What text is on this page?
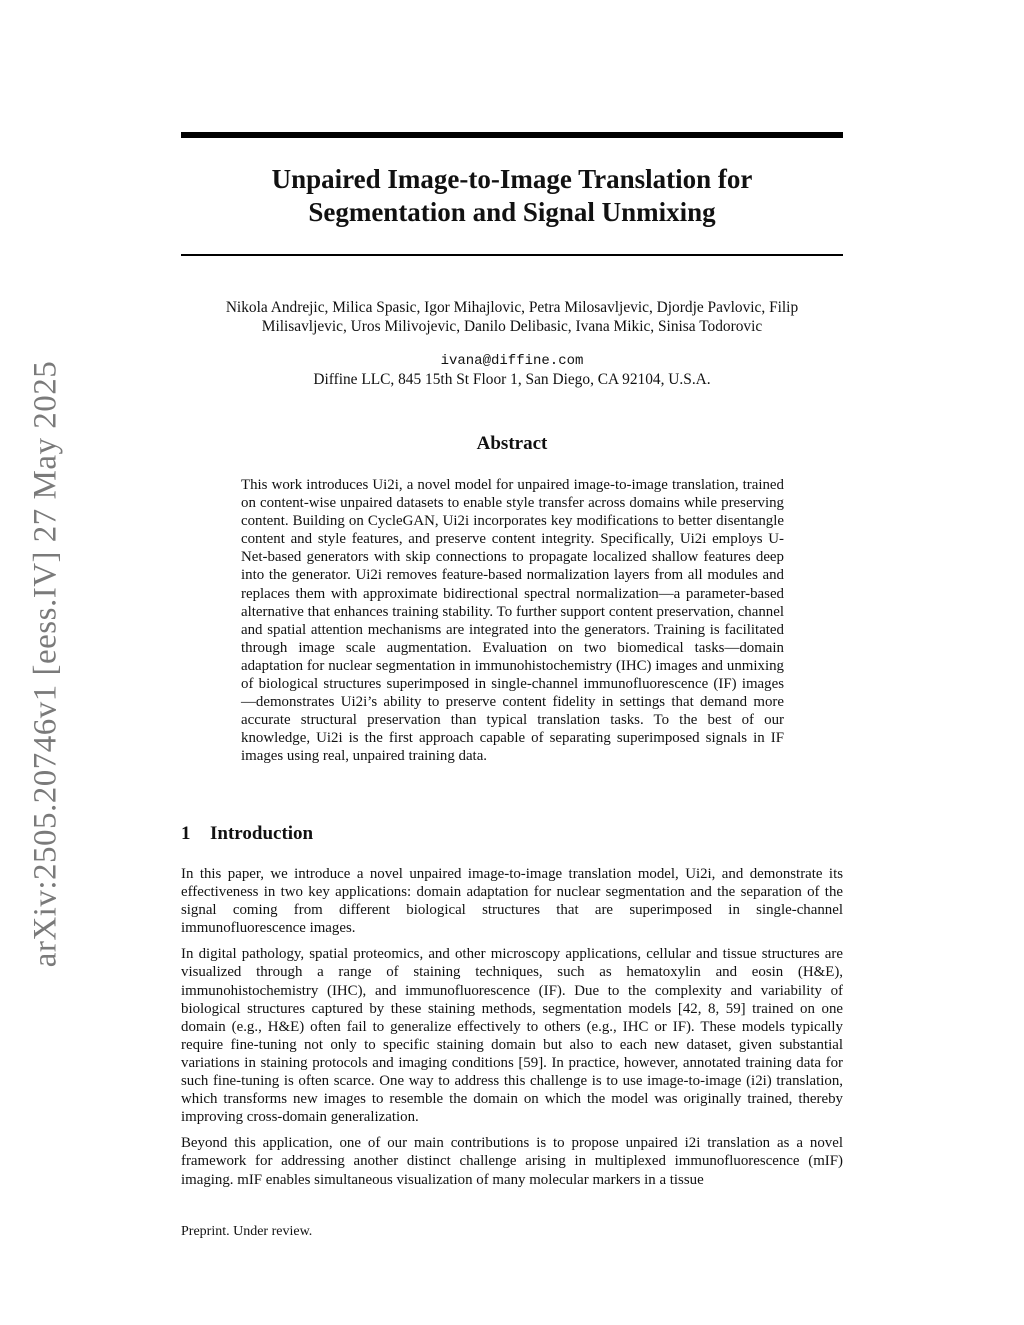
arXiv:2505.20746v1 [eess.IV] 27 May 2025
Unpaired Image-to-Image Translation for
Segmentation and Signal Unmixing
Nikola Andrejic, Milica Spasic, Igor Mihajlovic, Petra Milosavljevic, Djordje Pavlovic, Filip
Milisavljevic, Uros Milivojevic, Danilo Delibasic, Ivana Mikic, Sinisa Todorovic
ivana@diffine.com
Diffine LLC, 845 15th St Floor 1, San Diego, CA 92104, U.S.A.
Abstract
This work introduces Ui2i, a novel model for unpaired image-to-image translation, trained on content-wise unpaired datasets to enable style transfer across domains while preserving content. Building on CycleGAN, Ui2i incorporates key modifications to better disentangle content and style features, and preserve content integrity. Specifically, Ui2i employs U-Net-based generators with skip connections to propagate localized shallow features deep into the generator. Ui2i removes feature-based normalization layers from all modules and replaces them with approximate bidirectional spectral normalization—a parameter-based alternative that enhances training stability. To further support content preservation, channel and spatial attention mechanisms are integrated into the generators. Training is facilitated through image scale augmentation. Evaluation on two biomedical tasks—domain adaptation for nuclear segmentation in immunohistochemistry (IHC) images and unmixing of biological structures superimposed in single-channel immunofluorescence (IF) images—demonstrates Ui2i’s ability to preserve content fidelity in settings that demand more accurate structural preservation than typical translation tasks. To the best of our knowledge, Ui2i is the first approach capable of separating superimposed signals in IF images using real, unpaired training data.
1 Introduction

In this paper, we introduce a novel unpaired image-to-image translation model, Ui2i, and demonstrate its effectiveness in two key applications: domain adaptation for nuclear segmentation and the separation of the signal coming from different biological structures that are superimposed in single-channel immunofluorescence images.

In digital pathology, spatial proteomics, and other microscopy applications, cellular and tissue structures are visualized through a range of staining techniques, such as hematoxylin and eosin (H&E), immunohistochemistry (IHC), and immunofluorescence (IF). Due to the complexity and variability of biological structures captured by these staining methods, segmentation models [42, 8, 59] trained on one domain (e.g., H&E) often fail to generalize effectively to others (e.g., IHC or IF). These models typically require fine-tuning not only to specific staining domain but also to each new dataset, given substantial variations in staining protocols and imaging conditions [59]. In practice, however, annotated training data for such fine-tuning is often scarce. One way to address this challenge is to use image-to-image (i2i) translation, which transforms new images to resemble the domain on which the model was originally trained, thereby improving cross-domain generalization.

Beyond this application, one of our main contributions is to propose unpaired i2i translation as a novel framework for addressing another distinct challenge arising in multiplexed immunofluorescence (mIF) imaging. mIF enables simultaneous visualization of many molecular markers in a tissue

Preprint. Under review.
